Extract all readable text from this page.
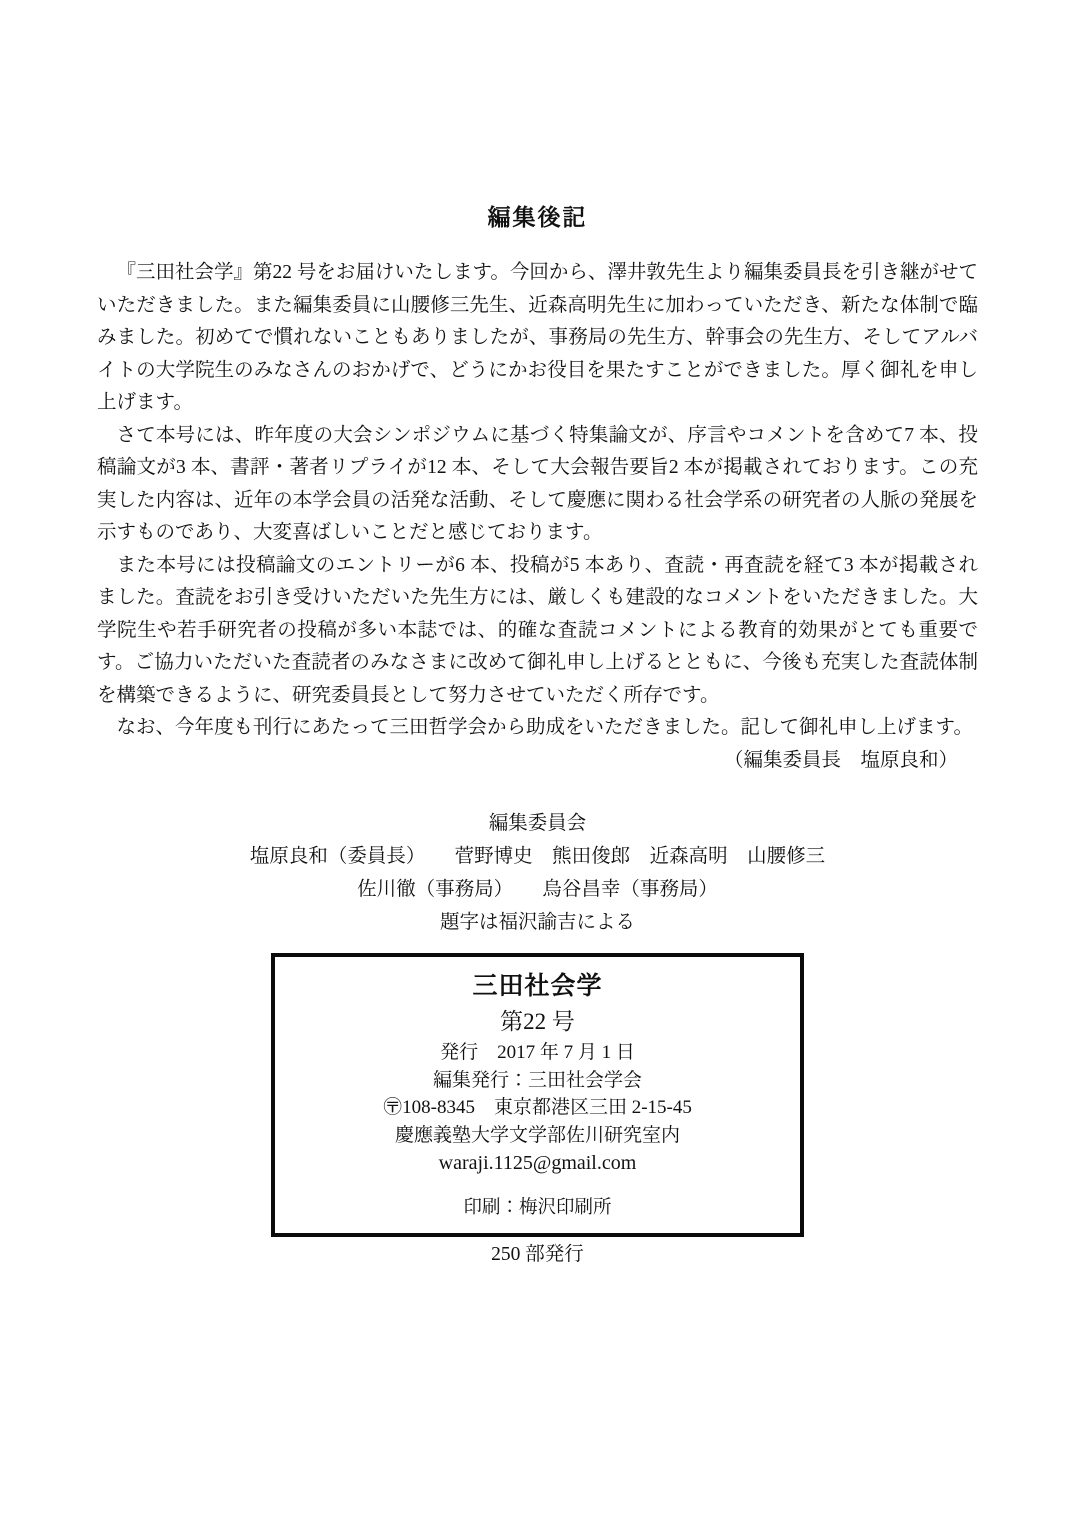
編集後記

『三田社会学』第22 号をお届けいたします。今回から、澤井敦先生より編集委員長を引き継がせていただきました。また編集委員に山腰修三先生、近森高明先生に加わっていただき、新たな体制で臨みました。初めてで慣れないこともありましたが、事務局の先生方、幹事会の先生方、そしてアルバイトの大学院生のみなさんのおかげで、どうにかお役目を果たすことができました。厚く御礼を申し上げます。

さて本号には、昨年度の大会シンポジウムに基づく特集論文が、序言やコメントを含めて7 本、投稿論文が3 本、書評・著者リプライが12 本、そして大会報告要旨2 本が掲載されております。この充実した内容は、近年の本学会員の活発な活動、そして慶應に関わる社会学系の研究者の人脈の発展を示すものであり、大変喜ばしいことだと感じております。

また本号には投稿論文のエントリーが6 本、投稿が5 本あり、査読・再査読を経て3 本が掲載されました。査読をお引き受けいただいた先生方には、厳しくも建設的なコメントをいただきました。大学院生や若手研究者の投稿が多い本誌では、的確な査読コメントによる教育的効果がとても重要です。ご協力いただいた査読者のみなさまに改めて御礼申し上げるとともに、今後も充実した査読体制を構築できるように、研究委員長として努力させていただく所存です。

なお、今年度も刊行にあたって三田哲学会から助成をいただきました。記して御礼申し上げます。

（編集委員長　塩原良和）
編集委員会
塩原良和（委員長）　　菅野博史　熊田俊郎　近森高明　山腰修三
佐川徹（事務局）　　烏谷昌幸（事務局）
題字は福沢諭吉による
三田社会学
第22 号
発行　2017 年 7 月 1 日
編集発行：三田社会学会
〶108-8345　東京都港区三田 2-15-45
慶應義塾大学文学部佐川研究室内
waraji.1125@gmail.com
印刷：梅沢印刷所
250 部発行
